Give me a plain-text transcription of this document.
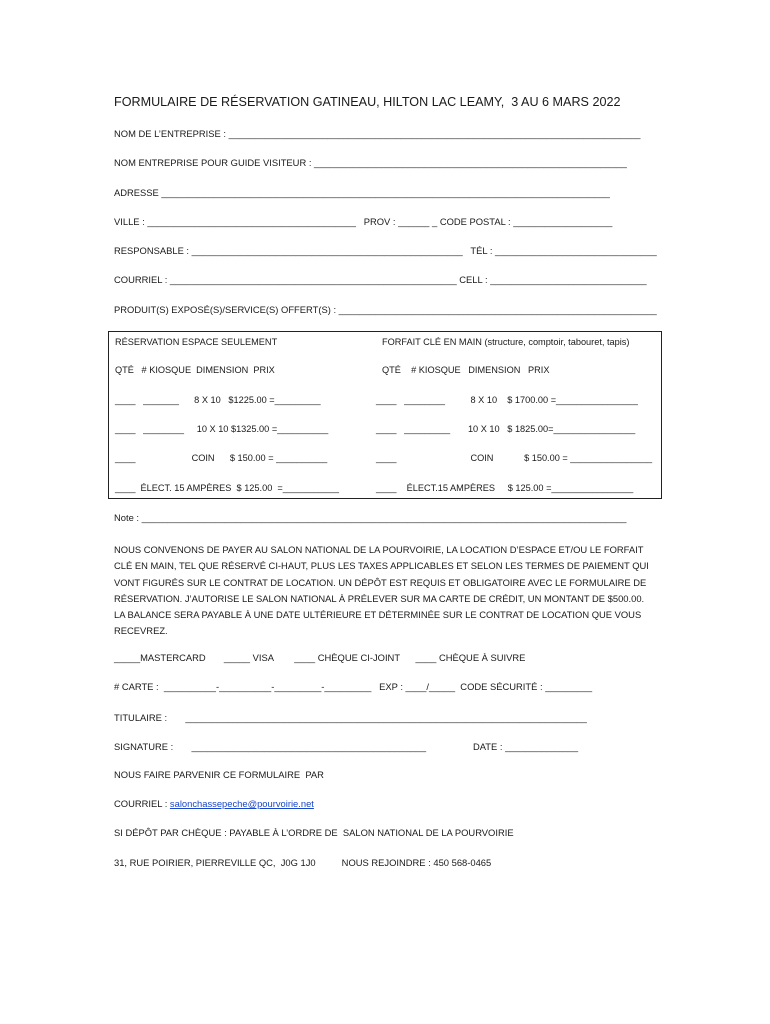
FORMULAIRE DE RÉSERVATION GATINEAU, HILTON LAC LEAMY,  3 AU 6 MARS 2022
NOM DE L’ENTREPRISE : _______________________________________________________________________________
NOM ENTREPRISE POUR GUIDE VISITEUR : ____________________________________________________________
ADRESSE ______________________________________________________________________________________
VILLE : ________________________________________   PROV : ______ _ CODE POSTAL : ___________________
RESPONSABLE : ____________________________________________________   TÉL : _______________________________
COURRIEL : _______________________________________________________ CELL : ______________________________
PRODUIT(S) EXPOSÉ(S)/SERVICE(S) OFFERT(S) : _____________________________________________________________
RÉSERVATION ESPACE SEULEMENT	FORFAIT CLÉ EN MAIN (structure, comptoir, tabouret, tapis)
QTÉ   # KIOSQUE  DIMENSION  PRIX	QTÉ    # KIOSQUE   DIMENSION   PRIX
____   _______      8 X 10   $1225.00 =_________
____   ________     10 X 10 $1325.00 =__________
____                      COIN      $ 150.00 = __________
____  ÉLECT. 15 AMPÈRES  $ 125.00  =___________
____   ________          8 X 10    $ 1700.00 =________________
____   _________       10 X 10   $ 1825.00=________________
____                             COIN            $ 150.00 = ________________
____    ÉLECT.15 AMPÈRES     $ 125.00 =________________
Note : _____________________________________________________________________________________________
NOUS CONVENONS DE PAYER AU SALON NATIONAL DE LA POURVOIRIE, LA LOCATION D’ESPACE ET/OU LE FORFAIT
CLÉ EN MAIN, TEL QUE RÉSERVÉ CI-HAUT, PLUS LES TAXES APPLICABLES ET SELON LES TERMES DE PAIEMENT QUI
VONT FIGURÉS SUR LE CONTRAT DE LOCATION. UN DÉPÔT EST REQUIS ET OBLIGATOIRE AVEC LE FORMULAIRE DE
RÉSERVATION. J’AUTORISE LE SALON NATIONAL À PRÉLEVER SUR MA CARTE DE CRÉDIT, UN MONTANT DE $500.00.
LA BALANCE SERA PAYABLE À UNE DATE ULTÉRIEURE ET DÉTERMINÉE SUR LE CONTRAT DE LOCATION QUE VOUS
RECEVREZ.
_____MASTERCARD       _____ VISA        ____ CHÈQUE CI-JOINT      ____ CHÈQUE À SUIVRE
# CARTE :  __________-__________-_________-_________   EXP : ____/_____  CODE SÉCURITÉ : _________
TITULAIRE :       _____________________________________________________________________________
SIGNATURE :       _____________________________________________                  DATE : ______________
NOUS FAIRE PARVENIR CE FORMULAIRE  PAR
COURRIEL : salonchassepeche@pourvoirie.net
SI DÉPÔT PAR CHÈQUE : PAYABLE À L’ORDRE DE  SALON NATIONAL DE LA POURVOIRIE
31, RUE POIRIER, PIERREVILLE QC,  J0G 1J0          NOUS REJOINDRE : 450 568-0465
